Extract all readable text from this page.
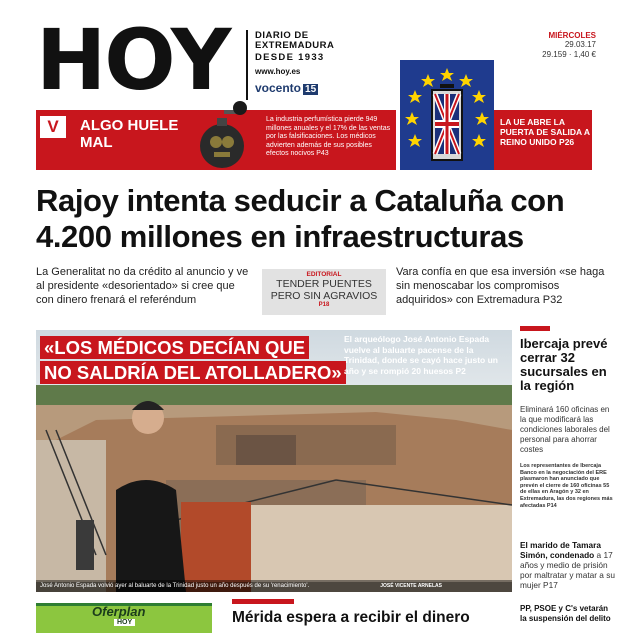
HOY	DIARIO DE
EXTREMADURA
DESDE 1933
www.hoy.es
vocento 15
MIÉRCOLES
29.03.17
29.159 · 1,40 €
V	ALGO HUELE MAL
La industria perfumística pierde 949 millones anuales y el 17% de las ventas por las falsificaciones. Los médicos advierten además de sus posibles efectos nocivos P43
LA UE ABRE LA PUERTA DE SALIDA A REINO UNIDO P26
Rajoy intenta seducir a Cataluña con 4.200 millones en infraestructuras
La Generalitat no da crédito al anuncio y ve al presidente «desorientado» si cree que con dinero frenará el referéndum
EDITORIAL
TENDER PUENTES PERO SIN AGRAVIOS
P18
Vara confía en que esa inversión «se haga sin menoscabar los compromisos adquiridos» con Extremadura P32
«LOS MÉDICOS DECÍAN QUE NO SALDRÍA DEL ATOLLADERO»
El arqueólogo José Antonio Espada vuelve al baluarte pacense de la Trinidad, donde se cayó hace justo un año y se rompió 20 huesos P2
José Antonio Espada volvió ayer al baluarte de la Trinidad justo un año después de su 'renacimiento'.	JOSÉ VICENTE ARNELAS
Ibercaja prevé cerrar 32 sucursales en la región
Eliminará 160 oficinas en la que modificará las condiciones laborales del personal para ahorrar costes
Los representantes de Ibercaja Banco en la negociación del ERE plasmaron han anunciado que prevén el cierre de 160 oficinas 55 de ellas en Aragón y 32 en Extremadura, las dos regiones más afectadas P14
El marido de Tamara Simón, condenado a 17 años y medio de prisión por maltratar y matar a su mujer P17
PP, PSOE y C's vetarán la suspensión del delito
Oferplan
HOY	Mérida espera a recibir el dinero
